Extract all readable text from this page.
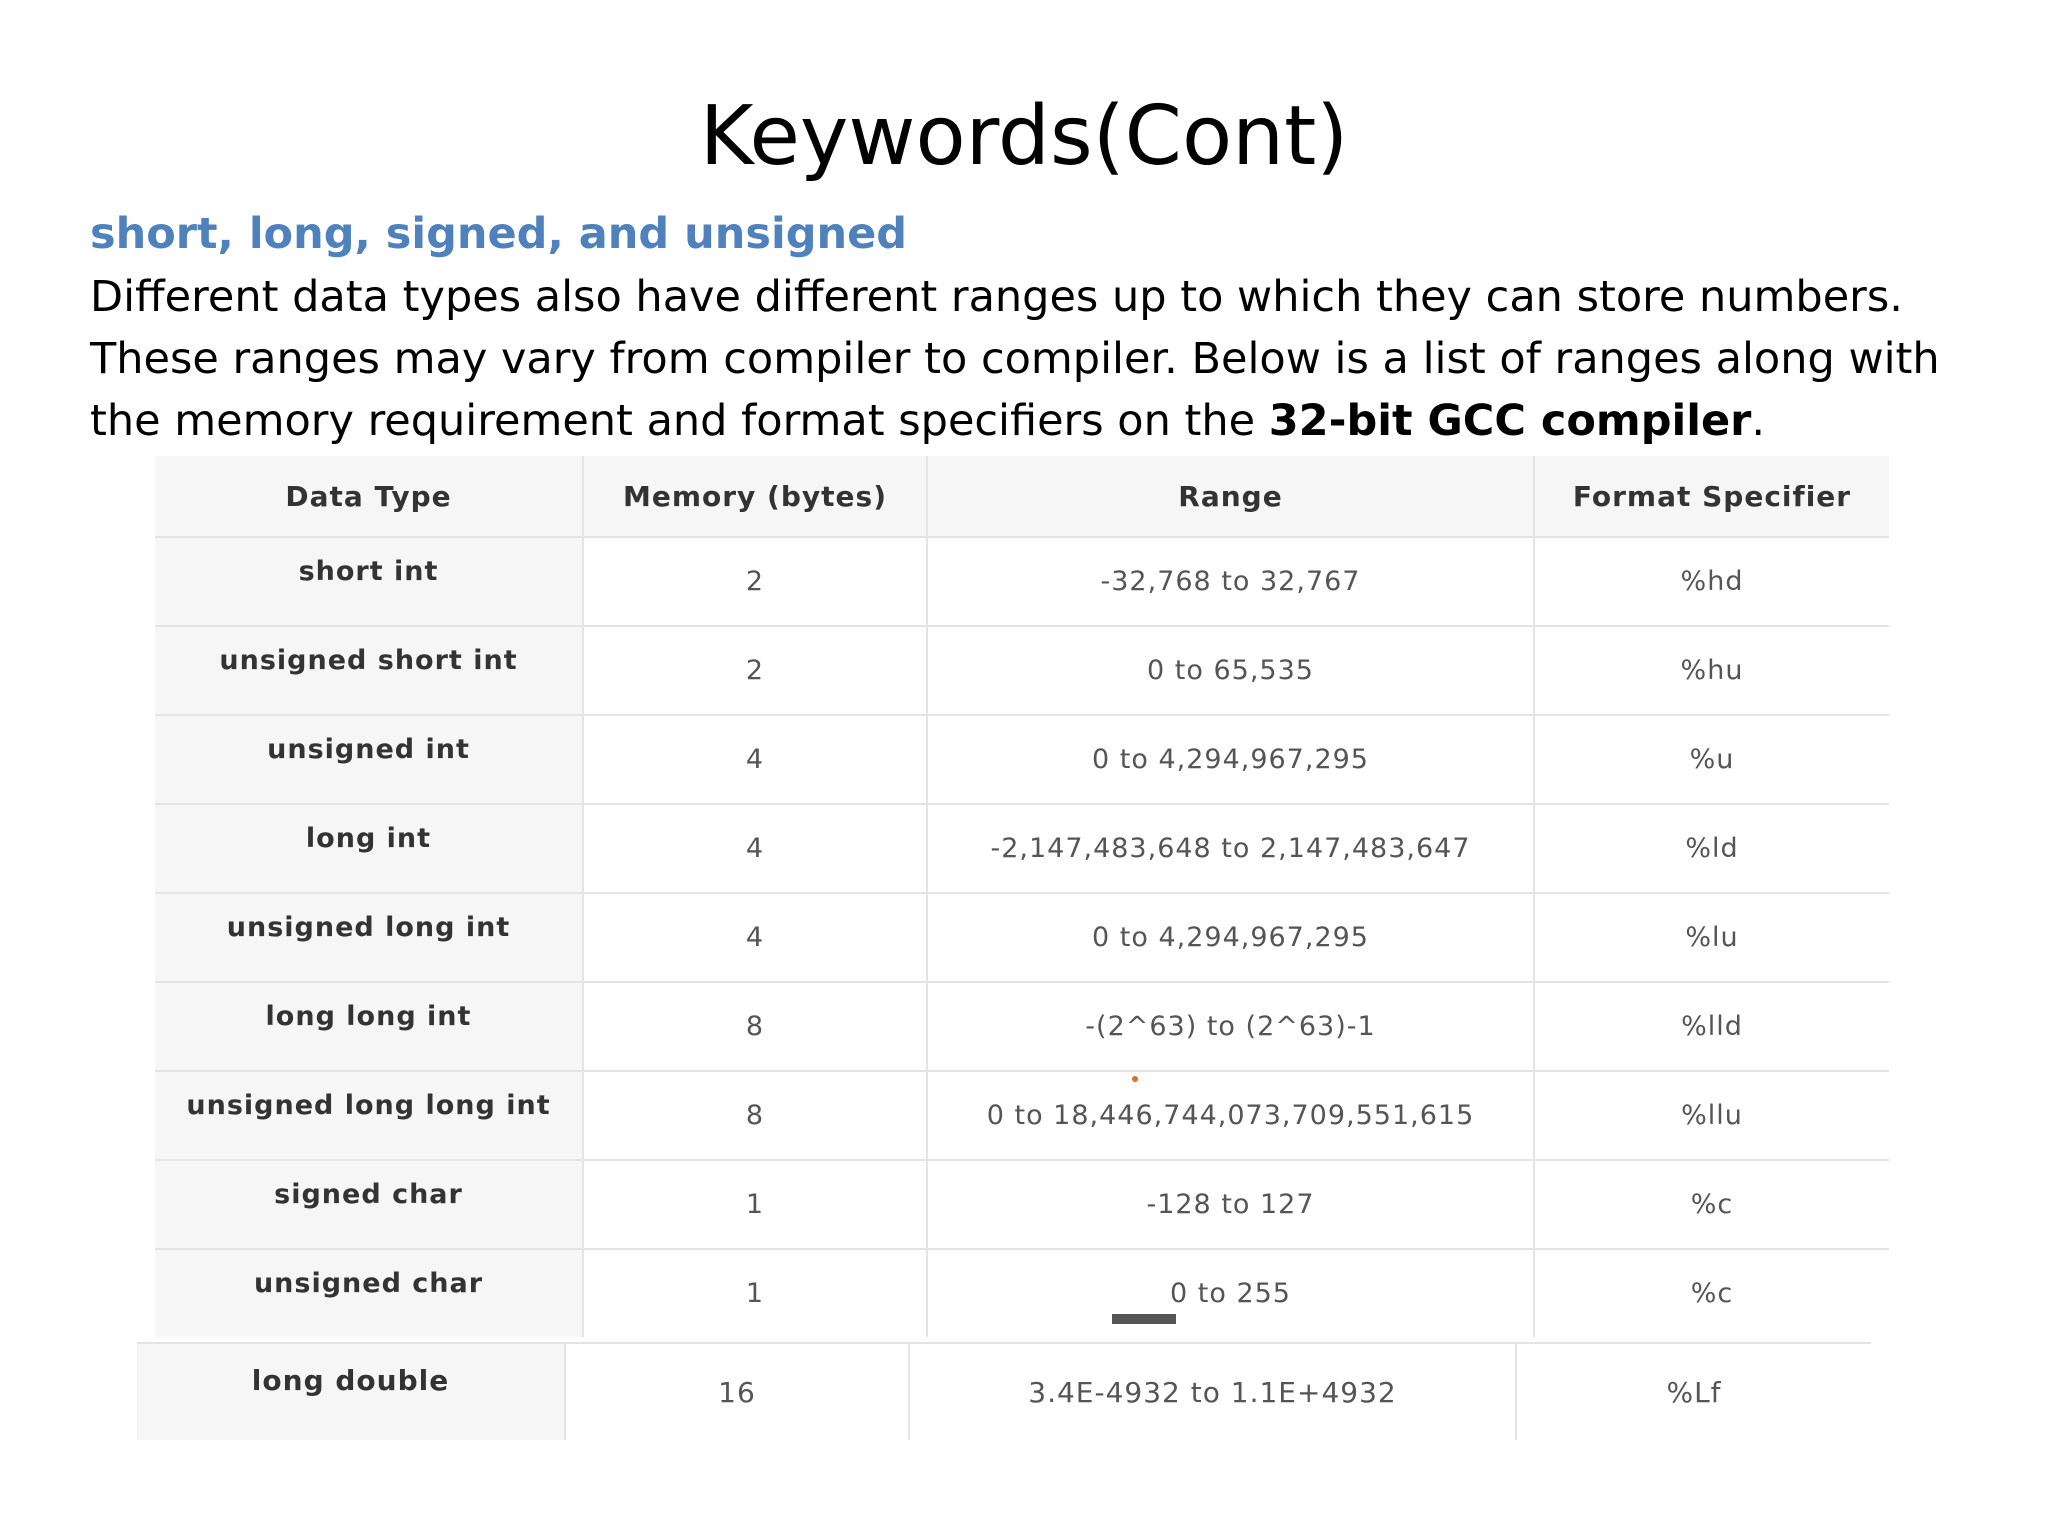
Keywords(Cont)
short, long, signed, and unsigned
Different data types also have different ranges up to which they can store numbers. These ranges may vary from compiler to compiler. Below is a list of ranges along with the memory requirement and format specifiers on the 32-bit GCC compiler.
Data Type	Memory (bytes)	Range	Format Specifier
short int	2	-32,768 to 32,767	%hd
unsigned short int	2	0 to 65,535	%hu
unsigned int	4	0 to 4,294,967,295	%u
long int	4	-2,147,483,648 to 2,147,483,647	%ld
unsigned long int	4	0 to 4,294,967,295	%lu
long long int	8	-(2^63) to (2^63)-1	%lld
unsigned long long int	8	0 to 18,446,744,073,709,551,615	%llu
signed char	1	-128 to 127	%c
unsigned char	1	0 to 255	%c
long double	16	3.4E-4932 to 1.1E+4932	%Lf
